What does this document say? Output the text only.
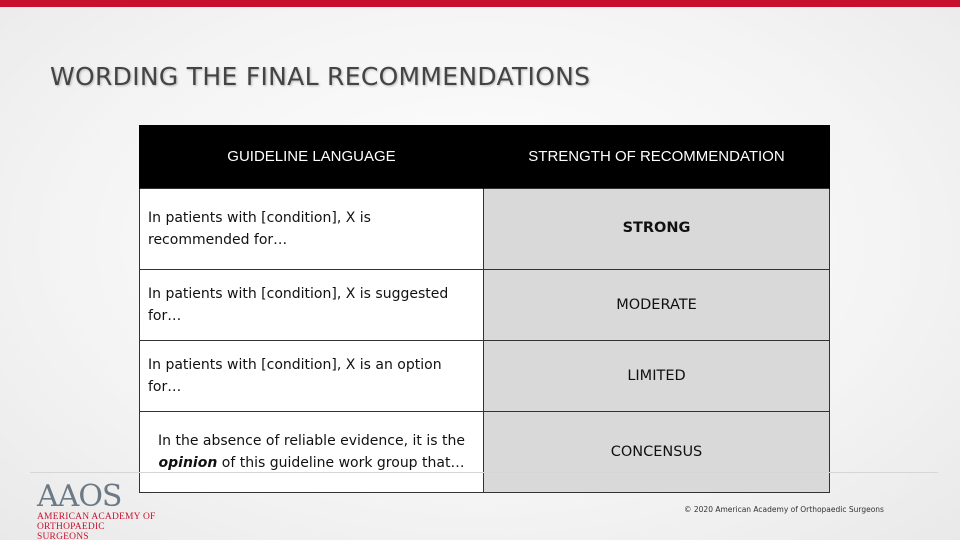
WORDING THE FINAL RECOMMENDATIONS
GUIDELINE LANGUAGE	STRENGTH OF RECOMMENDATION
In patients with [condition], X is recommended for…	STRONG
In patients with [condition], X is suggested for…	MODERATE
In patients with [condition], X is an option for…	LIMITED
In the absence of reliable evidence, it is the opinion of this guideline work group that…	CONCENSUS
AAOS
AMERICAN ACADEMY OF
ORTHOPAEDIC SURGEONS
© 2020 American Academy of Orthopaedic Surgeons
